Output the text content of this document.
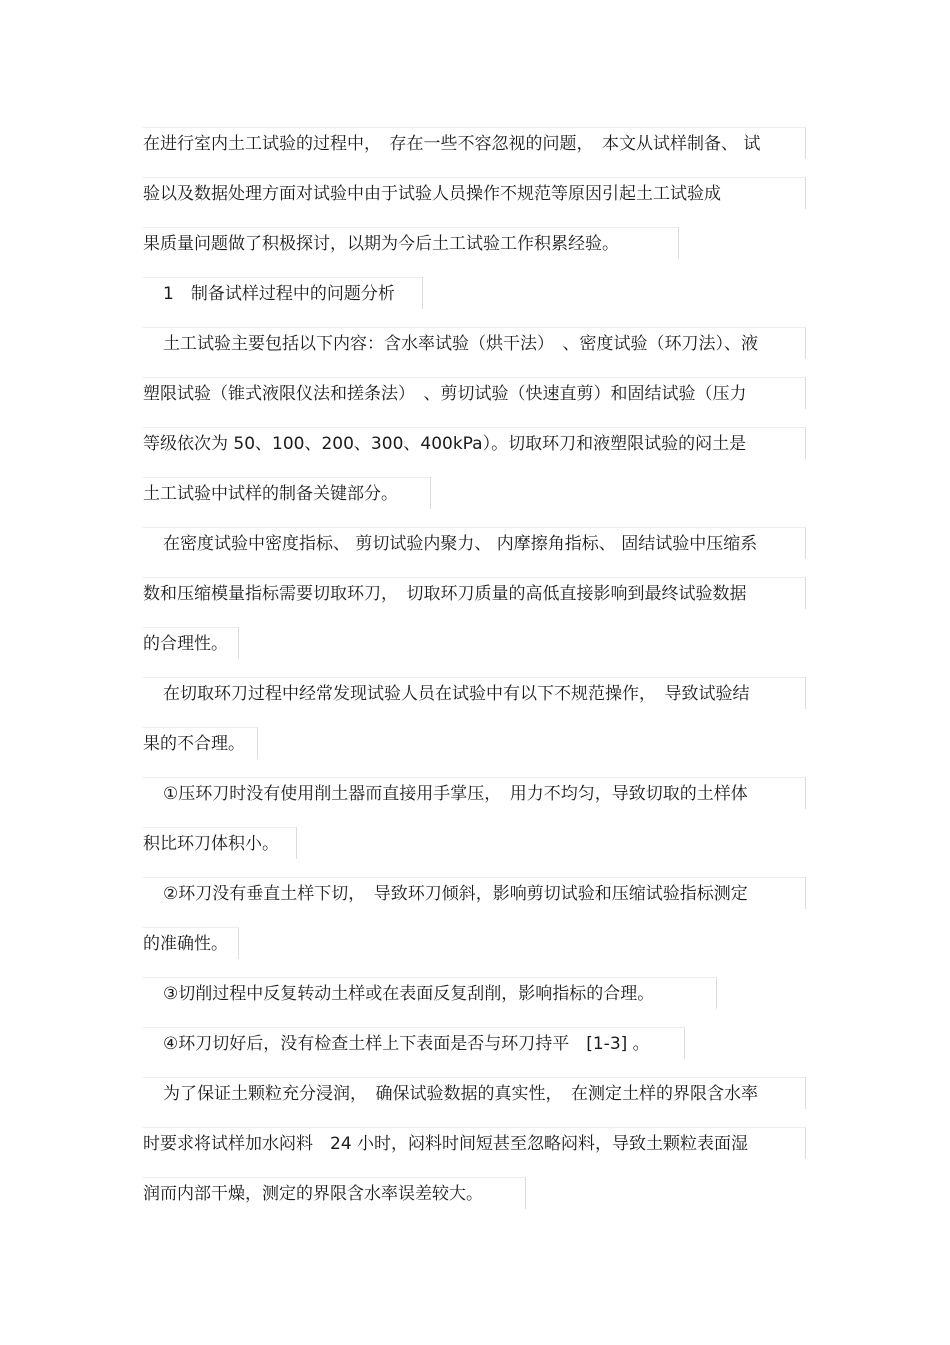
在进行室内土工试验的过程中，　存在一些不容忽视的问题，　本文从试样制备、 试
验以及数据处理方面对试验中由于试验人员操作不规范等原因引起土工试验成
果质量问题做了积极探讨，以期为今后土工试验工作积累经验。
1　制备试样过程中的问题分析
土工试验主要包括以下内容：含水率试验（烘干法）　、密度试验（环刀法）、液
塑限试验（锥式液限仪法和搓条法）　、剪切试验（快速直剪）和固结试验（压力
等级依次为 50、100、200、300、400kPa）。切取环刀和液塑限试验的闷土是
土工试验中试样的制备关键部分。
在密度试验中密度指标、 剪切试验内聚力、 内摩擦角指标、 固结试验中压缩系
数和压缩模量指标需要切取环刀，　切取环刀质量的高低直接影响到最终试验数据
的合理性。
在切取环刀过程中经常发现试验人员在试验中有以下不规范操作，　导致试验结
果的不合理。
①压环刀时没有使用削土器而直接用手掌压，　用力不均匀，导致切取的土样体
积比环刀体积小。
②环刀没有垂直土样下切，　导致环刀倾斜，影响剪切试验和压缩试验指标测定
的准确性。
③切削过程中反复转动土样或在表面反复刮削，影响指标的合理。
④环刀切好后，没有检查土样上下表面是否与环刀持平　[1-3] 。
为了保证土颗粒充分浸润，　确保试验数据的真实性，　在测定土样的界限含水率
时要求将试样加水闷料　24 小时，闷料时间短甚至忽略闷料，导致土颗粒表面湿
润而内部干燥，测定的界限含水率误差较大。
